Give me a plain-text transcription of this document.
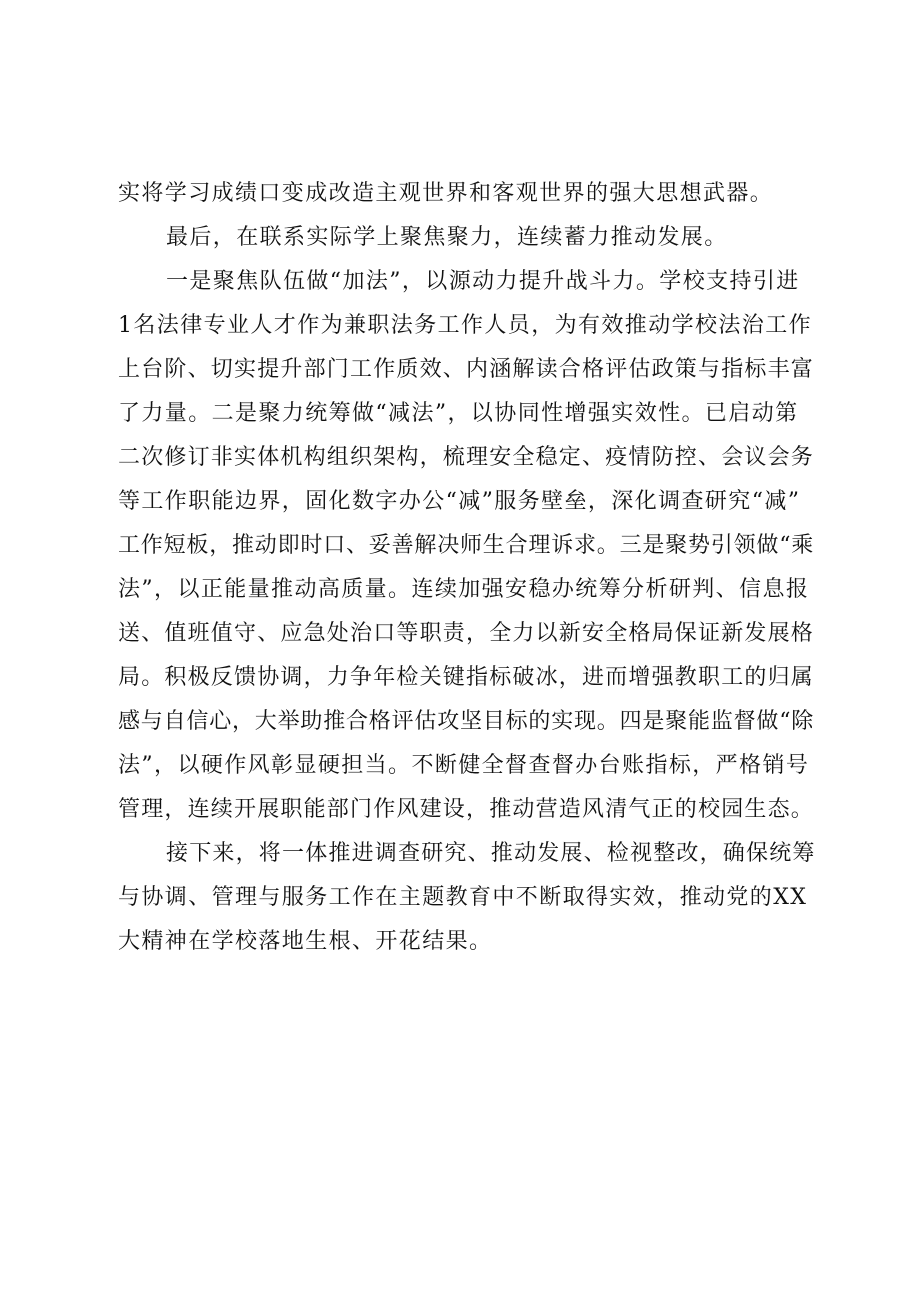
实将学习成绩口变成改造主观世界和客观世界的强大思想武器。

最后，在联系实际学上聚焦聚力，连续蓄力推动发展。

一是聚焦队伍做“加法”，以源动力提升战斗力。学校支持引进

1名法律专业人才作为兼职法务工作人员，为有效推动学校法治工作

上台阶、切实提升部门工作质效、内涵解读合格评估政策与指标丰富

了力量。二是聚力统筹做“减法”，以协同性增强实效性。已启动第

二次修订非实体机构组织架构，梳理安全稳定、疫情防控、会议会务

等工作职能边界，固化数字办公“减”服务壁垒，深化调查研究“减”

工作短板，推动即时口、妥善解决师生合理诉求。三是聚势引领做“乘

法”，以正能量推动高质量。连续加强安稳办统筹分析研判、信息报

送、值班值守、应急处治口等职责，全力以新安全格局保证新发展格

局。积极反馈协调，力争年检关键指标破冰，进而增强教职工的归属

感与自信心，大举助推合格评估攻坚目标的实现。四是聚能监督做“除

法”，以硬作风彰显硬担当。不断健全督查督办台账指标，严格销号

管理，连续开展职能部门作风建设，推动营造风清气正的校园生态。

接下来，将一体推进调查研究、推动发展、检视整改，确保统筹

与协调、管理与服务工作在主题教育中不断取得实效，推动党的XX

大精神在学校落地生根、开花结果。
